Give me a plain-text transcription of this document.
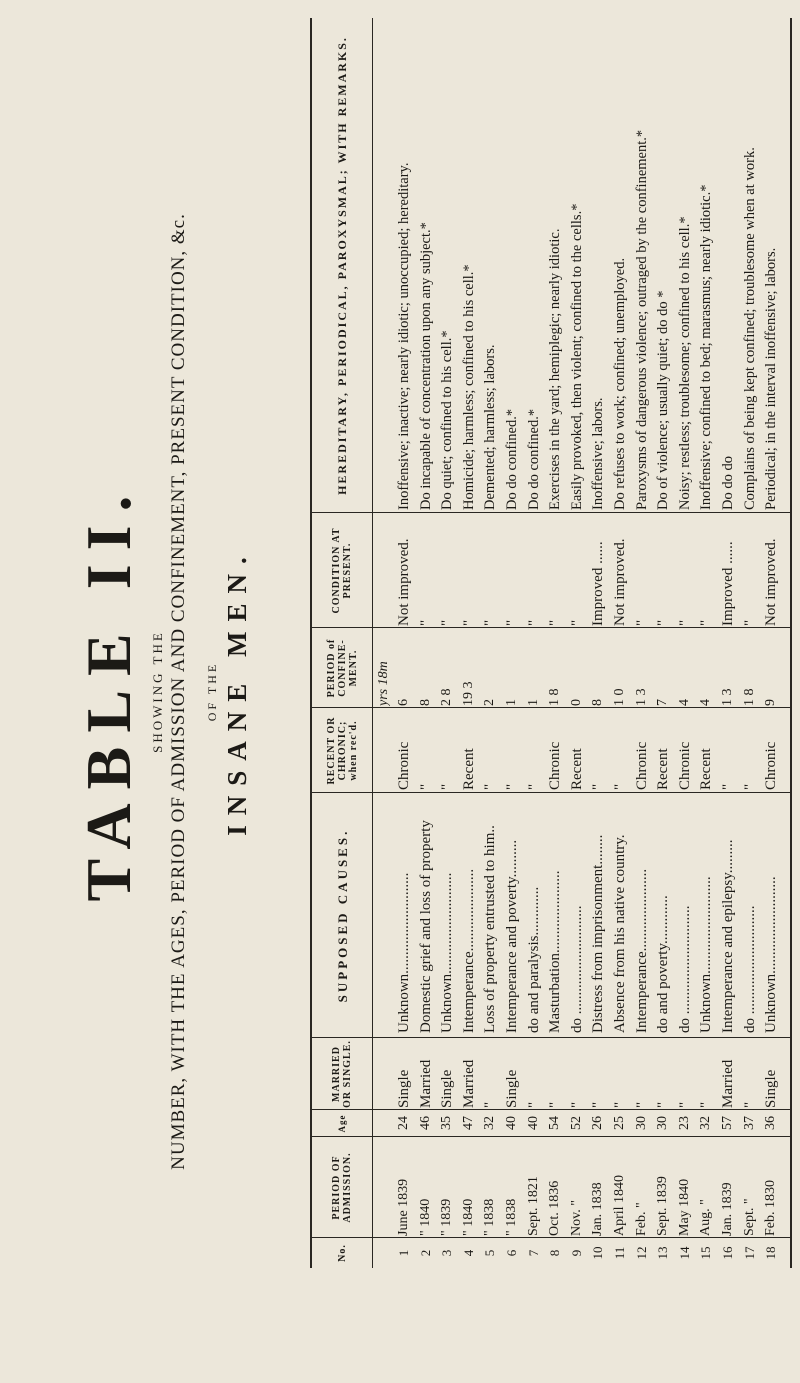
TABLE II. SHOWING THE NUMBER, WITH THE AGES, PERIOD OF ADMISSION AND CONFINEMENT, PRESENT CONDITION, &c. OF THE INSANE MEN.
No.
PERIOD OF ADMISSION.
Age
MARRIED OR SINGLE.
SUPPOSED CAUSES.
RECENT OR CHRONIC; when rec'd.
PERIOD of CONFINE-MENT.
CONDITION AT PRESENT.
HEREDITARY, PERIODICAL, PAROXYSMAL; WITH REMARKS.
yrs 18m
1
June 1839
24
Single
Unknown...........................
Chronic
6
Not improved.
Inoffensive; inactive; nearly idiotic; unoccupied; hereditary.
2
" 1840
46
Married
Domestic grief and loss of property
"
8
"
Do incapable of concentration upon any subject.*
3
" 1839
35
Single
Unknown...........................
"
2 8
"
Do quiet; confined to his cell.*
4
" 1840
47
Married
Intemperance......................
Recent
19 3
"
Homicide; harmless; confined to his cell.*
5
" 1838
32
"
Loss of property entrusted to him..
"
2
"
Demented; harmless; labors.
6
" 1838
40
Single
Intemperance and poverty..........
"
1
"
Do do confined.*
7
Sept. 1821
40
"
do and paralysis.............
"
1
"
Do do confined.*
8
Oct. 1836
54
"
Masturbation......................
Chronic
1 8
"
Exercises in the yard; hemiplegic; nearly idiotic.
9
Nov. "
52
"
do .............................
Recent
0
"
Easily provoked, then violent; confined to the cells.*
10
Jan. 1838
26
"
Distress from imprisonment........
"
8
Improved ......
Inoffensive; labors.
11
April 1840
25
"
Absence from his native country.
"
1 0
Not improved.
Do refuses to work; confined; unemployed.
12
Feb. "
30
"
Intemperance......................
Chronic
1 3
"
Paroxysms of dangerous violence; outraged by the confinement.*
13
Sept. 1839
30
"
do and poverty.............
Recent
7
"
Do of violence; usually quiet; do do *
14
May 1840
23
"
do .............................
Chronic
4
"
Noisy; restless; troublesome; confined to his cell.*
15
Aug. "
32
"
Unknown..........................
Recent
4
"
Inoffensive; confined to bed; marasmus; nearly idiotic.*
16
Jan. 1839
57
Married
Intemperance and epilepsy.........
"
1 3
Improved ......
Do do do
17
Sept. "
37
"
do .............................
"
1 8
"
Complains of being kept confined; troublesome when at work.
18
Feb. 1830
36
Single
Unknown..........................
Chronic
9
Not improved.
Periodical; in the interval inoffensive; labors.
